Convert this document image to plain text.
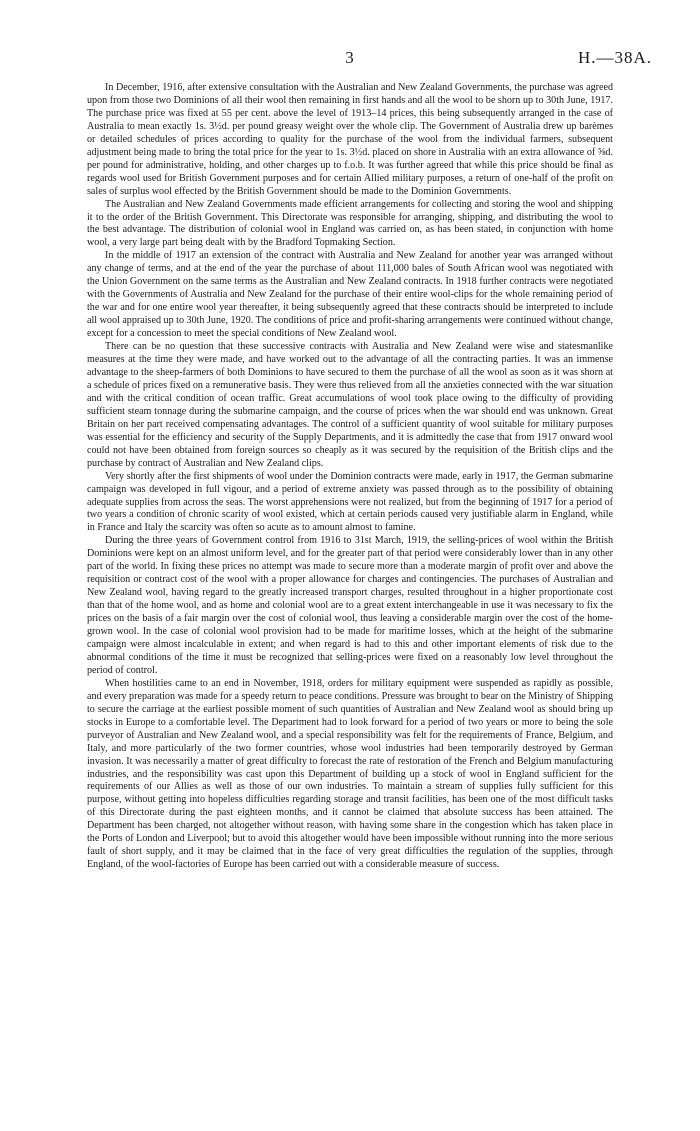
3	H.—38A.

In December, 1916, after extensive consultation with the Australian and New Zealand Governments, the purchase was agreed upon from those two Dominions of all their wool then remaining in first hands and all the wool to be shorn up to 30th June, 1917. The purchase price was fixed at 55 per cent. above the level of 1913–14 prices, this being subsequently arranged in the case of Australia to mean exactly 1s. 3½d. per pound greasy weight over the whole clip. The Government of Australia drew up barèmes or detailed schedules of prices according to quality for the purchase of the wool from the individual farmers, subsequent adjustment being made to bring the total price for the year to 1s. 3½d. placed on shore in Australia with an extra allowance of ⅝d. per pound for administrative, holding, and other charges up to f.o.b. It was further agreed that while this price should be final as regards wool used for British Government purposes and for certain Allied military purposes, a return of one-half of the profit on sales of surplus wool effected by the British Government should be made to the Dominion Governments.

The Australian and New Zealand Governments made efficient arrangements for collecting and storing the wool and shipping it to the order of the British Government. This Directorate was responsible for arranging, shipping, and distributing the wool to the best advantage. The distribution of colonial wool in England was carried on, as has been stated, in conjunction with home wool, a very large part being dealt with by the Bradford Topmaking Section.

In the middle of 1917 an extension of the contract with Australia and New Zealand for another year was arranged without any change of terms, and at the end of the year the purchase of about 111,000 bales of South African wool was negotiated with the Union Government on the same terms as the Australian and New Zealand contracts. In 1918 further contracts were negotiated with the Governments of Australia and New Zealand for the purchase of their entire wool-clips for the whole remaining period of the war and for one entire wool year thereafter, it being subsequently agreed that these contracts should be interpreted to include all wool appraised up to 30th June, 1920. The conditions of price and profit-sharing arrangements were continued without change, except for a concession to meet the special conditions of New Zealand wool.

There can be no question that these successive contracts with Australia and New Zealand were wise and statesmanlike measures at the time they were made, and have worked out to the advantage of all the contracting parties. It was an immense advantage to the sheep-farmers of both Dominions to have secured to them the purchase of all the wool as soon as it was shorn at a schedule of prices fixed on a remunerative basis. They were thus relieved from all the anxieties connected with the war situation and with the critical condition of ocean traffic. Great accumulations of wool took place owing to the difficulty of providing sufficient steam tonnage during the submarine campaign, and the course of prices when the war should end was unknown. Great Britain on her part received compensating advantages. The control of a sufficient quantity of wool suitable for military purposes was essential for the efficiency and security of the Supply Departments, and it is admittedly the case that from 1917 onward wool could not have been obtained from foreign sources so cheaply as it was secured by the requisition of the British clips and the purchase by contract of Australian and New Zealand clips.

Very shortly after the first shipments of wool under the Dominion contracts were made, early in 1917, the German submarine campaign was developed in full vigour, and a period of extreme anxiety was passed through as to the possibility of obtaining adequate supplies from across the seas. The worst apprehensions were not realized, but from the beginning of 1917 for a period of two years a condition of chronic scarity of wool existed, which at certain periods caused very justifiable alarm in England, while in France and Italy the scarcity was often so acute as to amount almost to famine.

During the three years of Government control from 1916 to 31st March, 1919, the selling-prices of wool within the British Dominions were kept on an almost uniform level, and for the greater part of that period were considerably lower than in any other part of the world. In fixing these prices no attempt was made to secure more than a moderate margin of profit over and above the requisition or contract cost of the wool with a proper allowance for charges and contingencies. The purchases of Australian and New Zealand wool, having regard to the greatly increased transport charges, resulted throughout in a higher proportionate cost than that of the home wool, and as home and colonial wool are to a great extent interchangeable in use it was necessary to fix the prices on the basis of a fair margin over the cost of colonial wool, thus leaving a considerable margin over the cost of the home-grown wool. In the case of colonial wool provision had to be made for maritime losses, which at the height of the submarine campaign were almost incalculable in extent; and when regard is had to this and other important elements of risk due to the abnormal conditions of the time it must be recognized that selling-prices were fixed on a reasonably low level throughout the period of control.

When hostilities came to an end in November, 1918, orders for military equipment were suspended as rapidly as possible, and every preparation was made for a speedy return to peace conditions. Pressure was brought to bear on the Ministry of Shipping to secure the carriage at the earliest possible moment of such quantities of Australian and New Zealand wool as should bring up stocks in Europe to a comfortable level. The Department had to look forward for a period of two years or more to being the sole purveyor of Australian and New Zealand wool, and a special responsibility was felt for the requirements of France, Belgium, and Italy, and more particularly of the two former countries, whose wool industries had been temporarily destroyed by German invasion. It was necessarily a matter of great difficulty to forecast the rate of restoration of the French and Belgium manufacturing industries, and the responsibility was cast upon this Department of building up a stock of wool in England sufficient for the requirements of our Allies as well as those of our own industries. To maintain a stream of supplies fully sufficient for this purpose, without getting into hopeless difficulties regarding storage and transit facilities, has been one of the most difficult tasks of this Directorate during the past eighteen months, and it cannot be claimed that absolute success has been attained. The Department has been charged, not altogether without reason, with having some share in the congestion which has taken place in the Ports of London and Liverpool; but to avoid this altogether would have been impossible without running into the more serious fault of short supply, and it may be claimed that in the face of very great difficulties the regulation of the supplies, through England, of the wool-factories of Europe has been carried out with a considerable measure of success.
